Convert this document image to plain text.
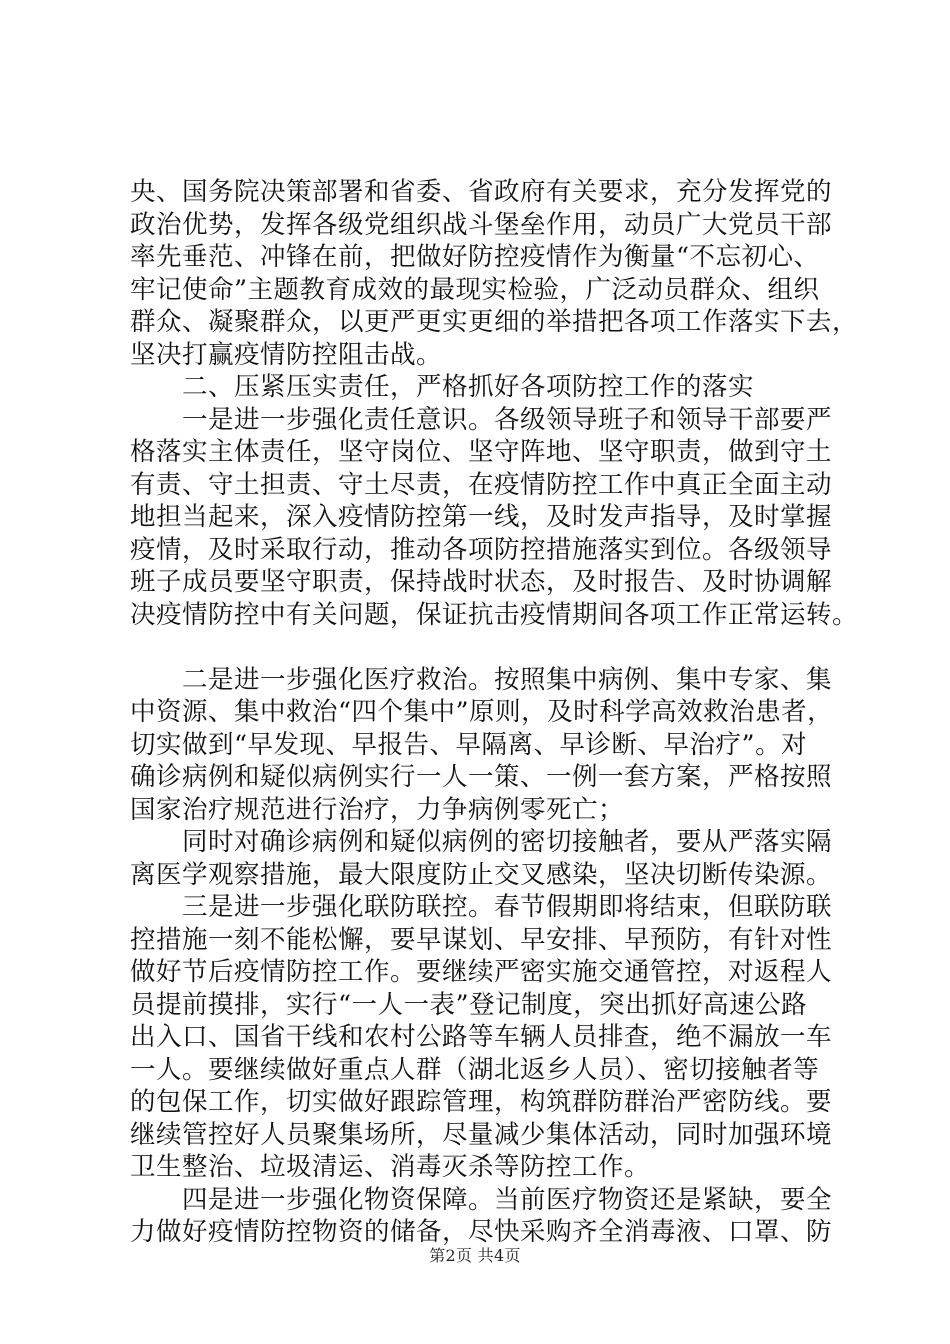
央、国务院决策部署和省委、省政府有关要求，充分发挥党的
政治优势，发挥各级党组织战斗堡垒作用，动员广大党员干部
率先垂范、冲锋在前，把做好防控疫情作为衡量“不忘初心、
牢记使命”主题教育成效的最现实检验，广泛动员群众、组织
群众、凝聚群众，以更严更实更细的举措把各项工作落实下去，
坚决打赢疫情防控阻击战。
二、压紧压实责任，严格抓好各项防控工作的落实
一是进一步强化责任意识。各级领导班子和领导干部要严
格落实主体责任，坚守岗位、坚守阵地、坚守职责，做到守土
有责、守土担责、守土尽责，在疫情防控工作中真正全面主动
地担当起来，深入疫情防控第一线，及时发声指导，及时掌握
疫情，及时采取行动，推动各项防控措施落实到位。各级领导
班子成员要坚守职责，保持战时状态，及时报告、及时协调解
决疫情防控中有关问题，保证抗击疫情期间各项工作正常运转。
二是进一步强化医疗救治。按照集中病例、集中专家、集
中资源、集中救治“四个集中”原则，及时科学高效救治患者，
切实做到“早发现、早报告、早隔离、早诊断、早治疗”。对
确诊病例和疑似病例实行一人一策、一例一套方案，严格按照
国家治疗规范进行治疗，力争病例零死亡；
同时对确诊病例和疑似病例的密切接触者，要从严落实隔
离医学观察措施，最大限度防止交叉感染，坚决切断传染源。
三是进一步强化联防联控。春节假期即将结束，但联防联
控措施一刻不能松懈，要早谋划、早安排、早预防，有针对性
做好节后疫情防控工作。要继续严密实施交通管控，对返程人
员提前摸排，实行“一人一表”登记制度，突出抓好高速公路
出入口、国省干线和农村公路等车辆人员排查，绝不漏放一车
一人。要继续做好重点人群（湖北返乡人员）、密切接触者等
的包保工作，切实做好跟踪管理，构筑群防群治严密防线。要
继续管控好人员聚集场所，尽量减少集体活动，同时加强环境
卫生整治、垃圾清运、消毒灭杀等防控工作。
四是进一步强化物资保障。当前医疗物资还是紧缺，要全
力做好疫情防控物资的储备，尽快采购齐全消毒液、口罩、防
第2页 共4页
